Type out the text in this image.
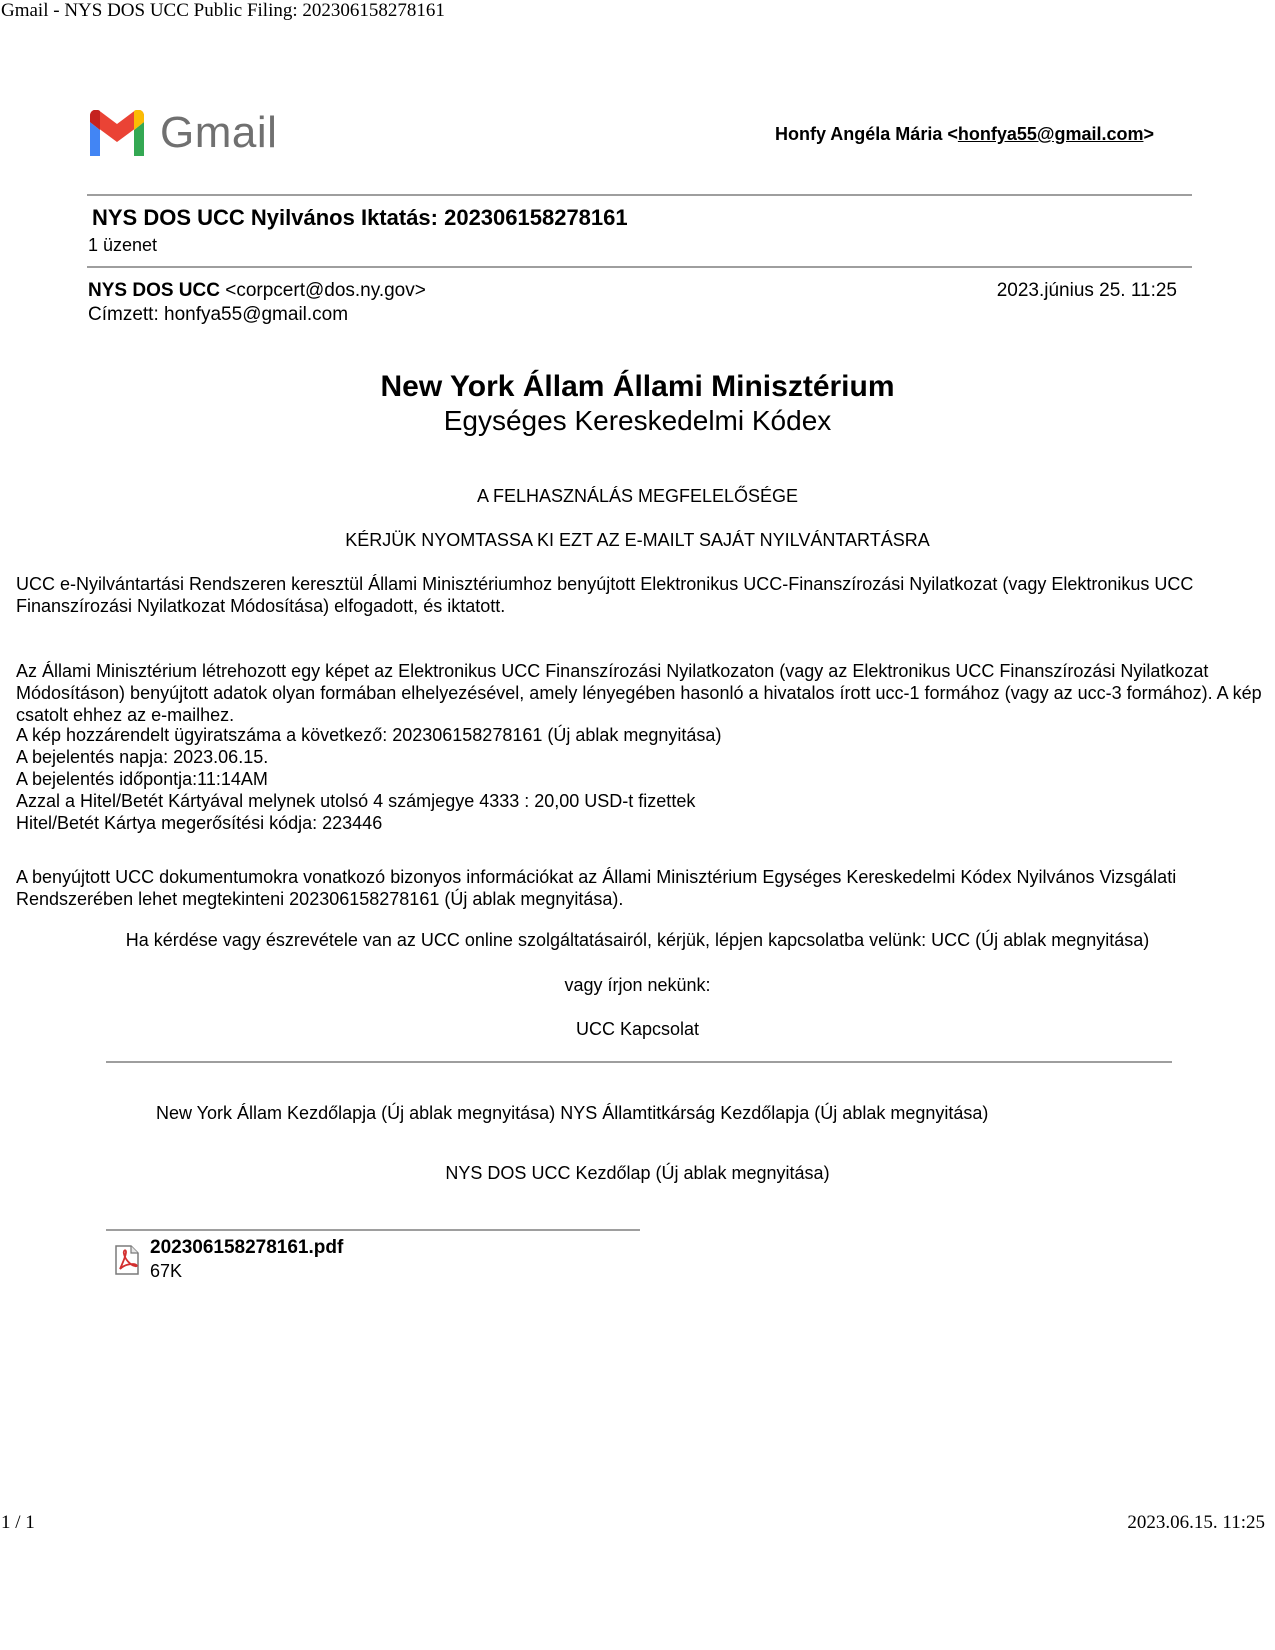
Gmail - NYS DOS UCC Public Filing: 202306158278161
Gmail	Honfy Angéla Mária <honfya55@gmail.com>
NYS DOS UCC Nyilvános Iktatás: 202306158278161
1 üzenet
NYS DOS UCC <corpcert@dos.ny.gov>	2023.június 25. 11:25
Címzett: honfya55@gmail.com
New York Állam Állami Minisztérium
Egységes Kereskedelmi Kódex
A FELHASZNÁLÁS MEGFELELŐSÉGE
KÉRJÜK NYOMTASSA KI EZT AZ E-MAILT SAJÁT NYILVÁNTARTÁSRA
UCC e-Nyilvántartási Rendszeren keresztül Állami Minisztériumhoz benyújtott Elektronikus UCC-Finanszírozási Nyilatkozat (vagy Elektronikus UCC Finanszírozási Nyilatkozat Módosítása) elfogadott, és iktatott.
Az Állami Minisztérium létrehozott egy képet az Elektronikus UCC Finanszírozási Nyilatkozaton (vagy az Elektronikus UCC Finanszírozási Nyilatkozat Módosításon) benyújtott adatok olyan formában elhelyezésével, amely lényegében hasonló a hivatalos írott ucc-1 formához (vagy az ucc-3 formához). A kép csatolt ehhez az e-mailhez.
A kép hozzárendelt ügyiratszáma a következő: 202306158278161 (Új ablak megnyitása)
A bejelentés napja: 2023.06.15.
A bejelentés időpontja:11:14AM
Azzal a Hitel/Betét Kártyával melynek utolsó 4 számjegye 4333 : 20,00 USD-t fizettek
Hitel/Betét Kártya megerősítési kódja: 223446
A benyújtott UCC dokumentumokra vonatkozó bizonyos információkat az Állami Minisztérium Egységes Kereskedelmi Kódex Nyilvános Vizsgálati Rendszerében lehet megtekinteni 202306158278161 (Új ablak megnyitása).
Ha kérdése vagy észrevétele van az UCC online szolgáltatásairól, kérjük, lépjen kapcsolatba velünk: UCC (Új ablak megnyitása)
vagy írjon nekünk:
UCC Kapcsolat
New York Állam Kezdőlapja (Új ablak megnyitása) NYS Államtitkárság Kezdőlapja (Új ablak megnyitása)
NYS DOS UCC Kezdőlap (Új ablak megnyitása)
202306158278161.pdf
67K
1 / 1	2023.06.15. 11:25
